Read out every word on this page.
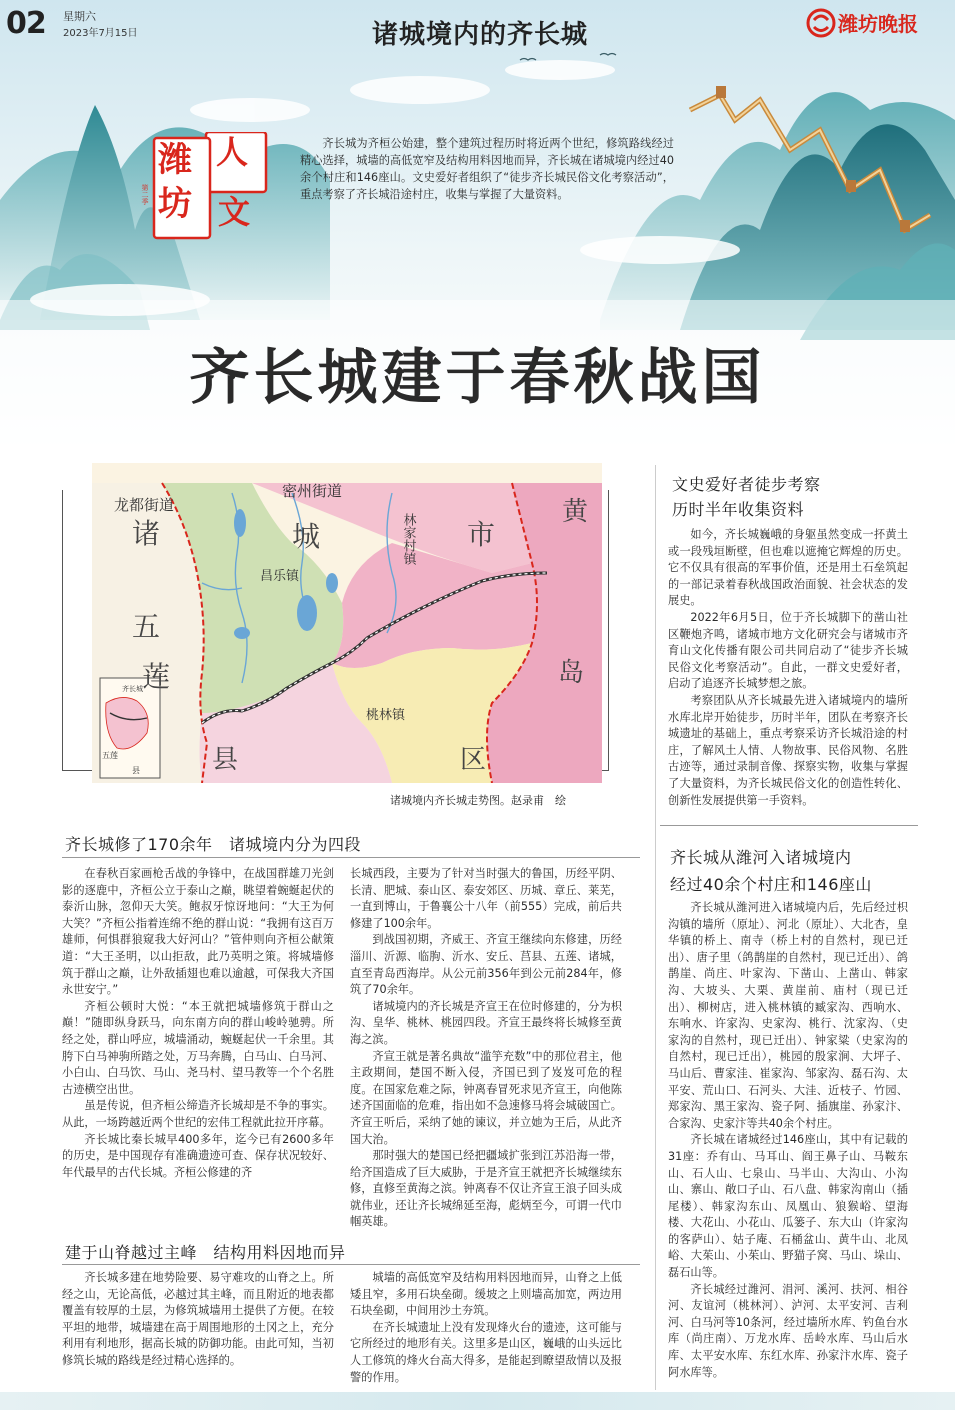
02 星期六
2023年7月15日	诸城境内的齐长城	潍坊晚报
潍
坊
人
文
第二季
齐长城为齐桓公始建，整个建筑过程历时将近两个世纪，修筑路线经过精心选择，城墙的高低宽窄及结构用料因地而异，齐长城在诸城境内经过40余个村庄和146座山。文史爱好者组织了“徒步齐长城民俗文化考察活动”，重点考察了齐长城沿途村庄，收集与掌握了大量资料。
齐长城建于春秋战国
龙都街道
密州街道
诸	城	市
黄
岛
区
五
莲
县
昌乐镇
桃林镇
林家村镇
齐长城
五莲
县
诸城境内齐长城走势图。赵录甫　绘
文史爱好者徒步考察
历时半年收集资料

如今，齐长城巍峨的身躯虽然变成一抔黄土或一段残垣断壁，但也难以遮掩它辉煌的历史。它不仅具有很高的军事价值，还是用土石垒筑起的一部记录着春秋战国政治面貌、社会状态的发展史。

2022年6月5日，位于齐长城脚下的凿山社区鞭炮齐鸣，诸城市地方文化研究会与诸城市齐育山文化传播有限公司共同启动了“徒步齐长城民俗文化考察活动”。自此，一群文史爱好者，启动了追逐齐长城梦想之旅。

考察团队从齐长城最先进入诸城境内的墙所水库北岸开始徒步，历时半年，团队在考察齐长城遗址的基础上，重点考察采访齐长城沿途的村庄，了解风土人情、人物故事、民俗风物、名胜古迹等，通过录制音像、探察实物，收集与掌握了大量资料，为齐长城民俗文化的创造性转化、创新性发展提供第一手资料。

齐长城从潍河入诸城境内
经过40余个村庄和146座山

齐长城从潍河进入诸城境内后，先后经过枳沟镇的墙所（原址）、河北（原址）、大北杏，皇华镇的桥上、南寺（桥上村的自然村，现已迁出）、唐子里（鸽鹊崖的自然村，现已迁出）、鸽鹊崖、尚庄、叶家沟、下凿山、上凿山、韩家沟、大坡头、大栗、黄崖前、庙村（现已迁出）、柳树店，进入桃林镇的臧家沟、西响水、东响水、许家沟、史家沟、桃行、沈家沟、（史家沟的自然村，现已迁出）、钟家粱（史家沟的自然村，现已迁出），桃园的殷家涧、大坪子、马山后、曹家洼、崔家沟、邹家沟、磊石沟、太平安、荒山口、石河头、大洼、近枝子、竹园、郑家沟、黑王家沟、瓷子阿、插旗崖、孙家汴、合家沟、史家汴等共40余个村庄。

齐长城在诸城经过146座山，其中有记载的31座：乔有山、马耳山、阎王鼻子山、马鞍东山、石人山、七泉山、马半山、大沟山、小沟山、寨山、敞口子山、石八盘、韩家沟南山（插尾楼）、韩家沟东山、凤凰山、狼猴峪、望海楼、大花山、小花山、瓜篓子、东大山（许家沟的客萨山）、姑子庵、石桶盆山、黄牛山、北凤峪、大茱山、小茱山、野猫子窝、马山、垛山、磊石山等。

齐长城经过潍河、涓河、溪河、扶河、相谷河、友谊河（桃林河）、泸河、太平安河、吉利河、白马河等10条河，经过墙所水库、钓鱼台水库（尚庄南）、万龙水库、岳岭水库、马山后水库、太平安水库、东红水库、孙家汴水库、瓷子阿水库等。

齐长城修了170余年　诸城境内分为四段

在春秋百家画枪舌战的争锋中，在战国群雄刀光剑影的逐鹿中，齐桓公立于泰山之巅，眺望着蜿蜒起伏的泰沂山脉，忽仰天大笑。鲍叔牙惊讶地问：“大王为何大笑？”齐桓公指着连绵不绝的群山说：“我拥有这百万雄师，何惧群狼窥我大好河山？”管仲则向齐桓公献策道：“大王圣明，以山拒敌，此乃英明之策。将城墙修筑于群山之巅，让外敌插翅也难以逾越，可保我大齐国永世安宁。”

齐桓公顿时大悦：“本王就把城墙修筑于群山之巅！”随即纵身跃马，向东南方向的群山峻岭驰骋。所经之处，群山呼应，城墙涌动，蜿蜒起伏一千余里。其胯下白马神驹所踏之处，万马奔腾，白马山、白马河、小白山、白马饮、马山、尧马村、望马教等一个个名胜古迹横空出世。

虽是传说，但齐桓公缔造齐长城却是不争的事实。从此，一场跨越近两个世纪的宏伟工程就此拉开序幕。

齐长城比秦长城早400多年，迄今已有2600多年的历史，是中国现存有准确遗迹可查、保存状况较好、年代最早的古代长城。齐桓公修建的齐

长城西段，主要为了针对当时强大的鲁国，历经平阴、长清、肥城、泰山区、泰安郊区、历城、章丘、莱芜，一直到博山，于鲁襄公十八年（前555）完成，前后共修建了100余年。

到战国初期，齐威王、齐宣王继续向东修建，历经淄川、沂源、临朐、沂水、安丘、莒县、五莲、诸城，直至青岛西海岸。从公元前356年到公元前284年，修筑了70余年。

诸城境内的齐长城是齐宣王在位时修建的，分为枳沟、皇华、桃林、桃园四段。齐宣王最终将长城修至黄海之滨。

齐宣王就是著名典故“滥竽充数”中的那位君主，他主政期间，楚国不断入侵，齐国已到了岌岌可危的程度。在国家危难之际，钟离春冒死求见齐宣王，向他陈述齐国面临的危难，指出如不急速修马将会城破国亡。齐宣王听后，采纳了她的谏议，并立她为王后，从此齐国大治。

那时强大的楚国已经把疆域扩张到江苏沿海一带，给齐国造成了巨大威胁，于是齐宣王就把齐长城继续东修，直修至黄海之滨。钟离春不仅让齐宣王浪子回头成就伟业，还让齐长城绵延至海，彪炳至今，可谓一代巾帼英雄。

建于山脊越过主峰　结构用料因地而异

齐长城多建在地势险要、易守难攻的山脊之上。所经之山，无论高低，必越过其主峰，而且附近的地表都覆盖有较厚的土层，为修筑城墙用土提供了方便。在较平坦的地带，城墙建在高于周围地形的土冈之上，充分利用有利地形，据高长城的防御功能。由此可知，当初修筑长城的路线是经过精心选择的。

城墙的高低宽窄及结构用料因地而异，山脊之上低矮且窄，多用石块垒砌。缓坡之上则墙高加宽，两边用石块垒砌，中间用沙土夯筑。

在齐长城遗址上没有发现烽火台的遗迹，这可能与它所经过的地形有关。这里多是山区，巍峨的山头远比人工修筑的烽火台高大得多，是能起到瞭望敌情以及报警的作用。
